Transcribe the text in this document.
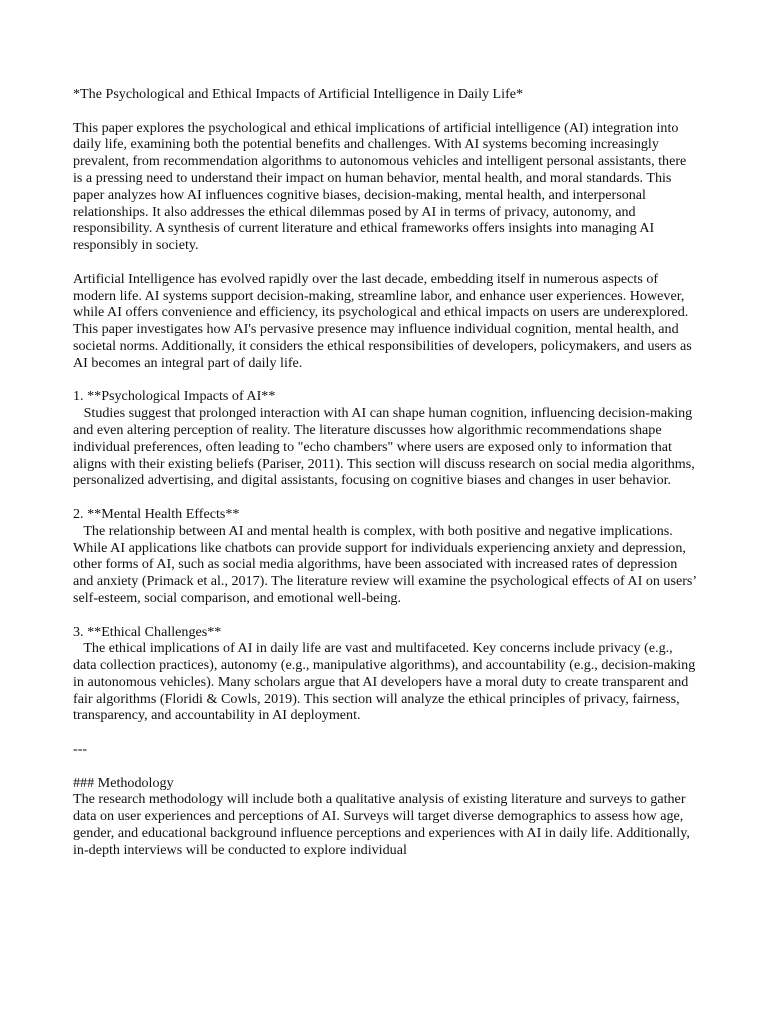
*The Psychological and Ethical Impacts of Artificial Intelligence in Daily Life*

This paper explores the psychological and ethical implications of artificial intelligence (AI) integration into daily life, examining both the potential benefits and challenges. With AI systems becoming increasingly prevalent, from recommendation algorithms to autonomous vehicles and intelligent personal assistants, there is a pressing need to understand their impact on human behavior, mental health, and moral standards. This paper analyzes how AI influences cognitive biases, decision-making, mental health, and interpersonal relationships. It also addresses the ethical dilemmas posed by AI in terms of privacy, autonomy, and responsibility. A synthesis of current literature and ethical frameworks offers insights into managing AI responsibly in society.

Artificial Intelligence has evolved rapidly over the last decade, embedding itself in numerous aspects of modern life. AI systems support decision-making, streamline labor, and enhance user experiences. However, while AI offers convenience and efficiency, its psychological and ethical impacts on users are underexplored. This paper investigates how AI's pervasive presence may influence individual cognition, mental health, and societal norms. Additionally, it considers the ethical responsibilities of developers, policymakers, and users as AI becomes an integral part of daily life.

1. **Psychological Impacts of AI**

Studies suggest that prolonged interaction with AI can shape human cognition, influencing decision-making and even altering perception of reality. The literature discusses how algorithmic recommendations shape individual preferences, often leading to "echo chambers" where users are exposed only to information that aligns with their existing beliefs (Pariser, 2011). This section will discuss research on social media algorithms, personalized advertising, and digital assistants, focusing on cognitive biases and changes in user behavior.

2. **Mental Health Effects**

The relationship between AI and mental health is complex, with both positive and negative implications. While AI applications like chatbots can provide support for individuals experiencing anxiety and depression, other forms of AI, such as social media algorithms, have been associated with increased rates of depression and anxiety (Primack et al., 2017). The literature review will examine the psychological effects of AI on users’ self-esteem, social comparison, and emotional well-being.

3. **Ethical Challenges**

The ethical implications of AI in daily life are vast and multifaceted. Key concerns include privacy (e.g., data collection practices), autonomy (e.g., manipulative algorithms), and accountability (e.g., decision-making in autonomous vehicles). Many scholars argue that AI developers have a moral duty to create transparent and fair algorithms (Floridi & Cowls, 2019). This section will analyze the ethical principles of privacy, fairness, transparency, and accountability in AI deployment.

---

### Methodology

The research methodology will include both a qualitative analysis of existing literature and surveys to gather data on user experiences and perceptions of AI. Surveys will target diverse demographics to assess how age, gender, and educational background influence perceptions and experiences with AI in daily life. Additionally, in-depth interviews will be conducted to explore individual
